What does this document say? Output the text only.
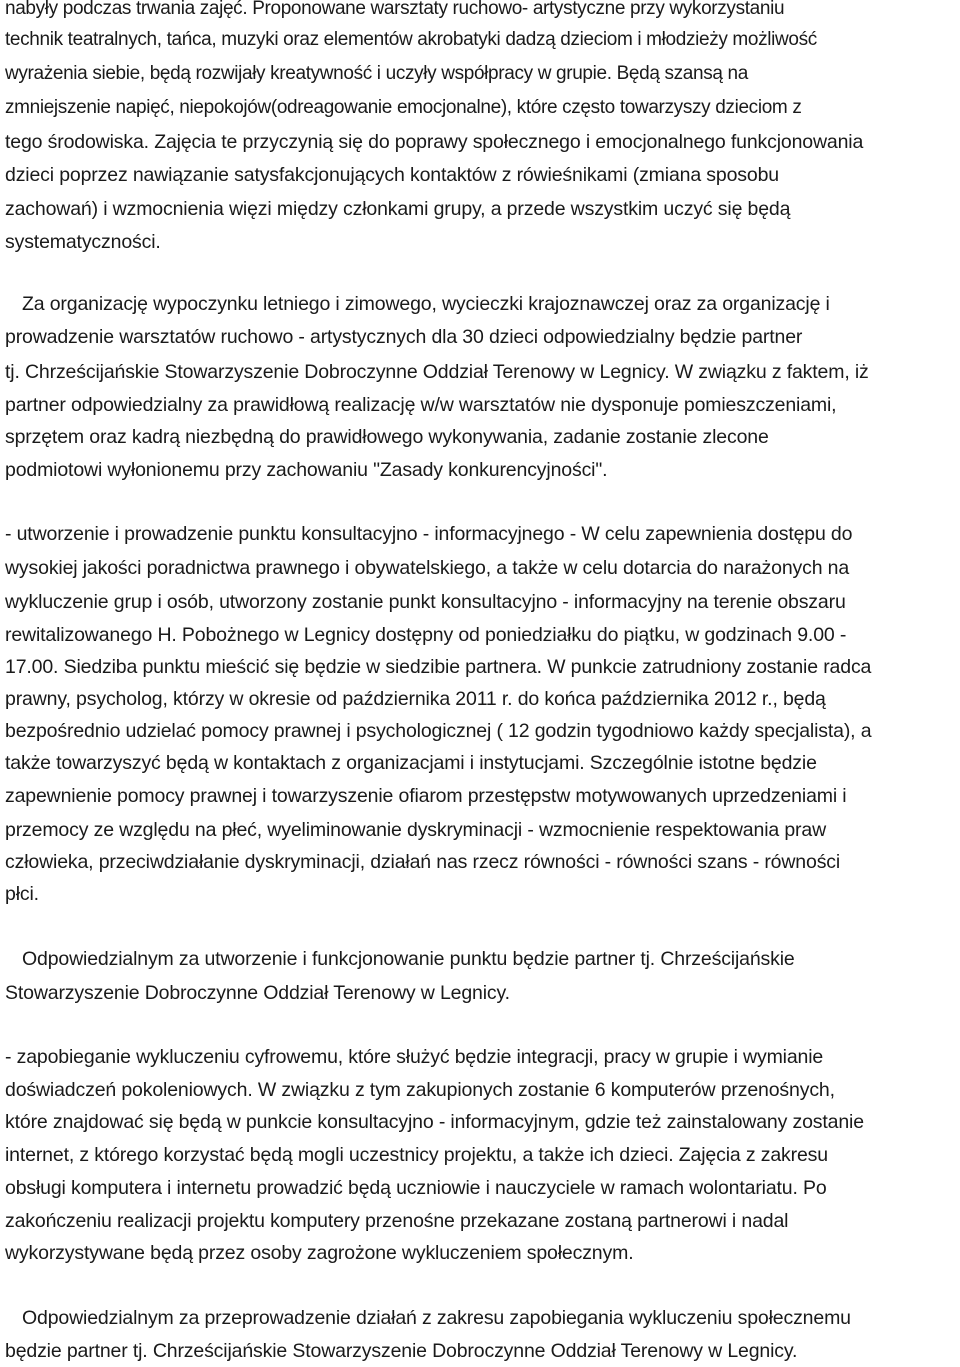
nabyły podczas trwania zajęć. Proponowane warsztaty ruchowo- artystyczne przy wykorzystaniu
technik teatralnych, tańca, muzyki oraz elementów akrobatyki dadzą dzieciom i młodzieży możliwość
wyrażenia siebie, będą rozwijały kreatywność i uczyły współpracy w grupie. Będą szansą na
zmniejszenie napięć, niepokojów(odreagowanie emocjonalne), które często towarzyszy dzieciom z
tego środowiska. Zajęcia te przyczynią się do poprawy społecznego i emocjonalnego funkcjonowania
dzieci poprzez nawiązanie satysfakcjonujących kontaktów z rówieśnikami (zmiana sposobu
zachowań) i wzmocnienia więzi między członkami grupy, a przede wszystkim uczyć się będą
systematyczności.
Za organizację wypoczynku letniego i zimowego, wycieczki krajoznawczej oraz za organizację i
prowadzenie warsztatów ruchowo - artystycznych dla 30 dzieci odpowiedzialny będzie partner
tj. Chrześcijańskie Stowarzyszenie Dobroczynne Oddział Terenowy w Legnicy. W związku z faktem, iż
partner odpowiedzialny za prawidłową realizację w/w warsztatów nie dysponuje pomieszczeniami,
sprzętem oraz kadrą niezbędną do prawidłowego wykonywania, zadanie zostanie zlecone
podmiotowi wyłonionemu przy zachowaniu "Zasady konkurencyjności".
- utworzenie i prowadzenie punktu konsultacyjno - informacyjnego - W celu zapewnienia dostępu do
wysokiej jakości poradnictwa prawnego i obywatelskiego, a także w celu dotarcia do narażonych na
wykluczenie grup i osób, utworzony zostanie punkt konsultacyjno - informacyjny na terenie obszaru
rewitalizowanego H. Pobożnego w Legnicy dostępny od poniedziałku do piątku, w godzinach 9.00 -
17.00. Siedziba punktu mieścić się będzie w siedzibie partnera. W punkcie zatrudniony zostanie radca
prawny, psycholog, którzy w okresie od października 2011 r. do końca października 2012 r., będą
bezpośrednio udzielać pomocy prawnej i psychologicznej ( 12 godzin tygodniowo każdy specjalista), a
także towarzyszyć będą w kontaktach z organizacjami i instytucjami. Szczególnie istotne będzie
zapewnienie pomocy prawnej i towarzyszenie ofiarom przestępstw motywowanych uprzedzeniami i
przemocy ze względu na płeć, wyeliminowanie dyskryminacji - wzmocnienie respektowania praw
człowieka, przeciwdziałanie dyskryminacji, działań nas rzecz równości - równości szans - równości
płci.
Odpowiedzialnym za utworzenie i funkcjonowanie punktu będzie partner tj. Chrześcijańskie
Stowarzyszenie Dobroczynne Oddział Terenowy w Legnicy.
- zapobieganie wykluczeniu cyfrowemu, które służyć będzie integracji, pracy w grupie i wymianie
doświadczeń pokoleniowych. W związku z tym zakupionych zostanie 6 komputerów przenośnych,
które znajdować się będą w punkcie konsultacyjno - informacyjnym, gdzie też zainstalowany zostanie
internet, z którego korzystać będą mogli uczestnicy projektu, a także ich dzieci. Zajęcia z zakresu
obsługi komputera i internetu prowadzić będą uczniowie i nauczyciele w ramach wolontariatu. Po
zakończeniu realizacji projektu komputery przenośne przekazane zostaną partnerowi i nadal
wykorzystywane będą przez osoby zagrożone wykluczeniem społecznym.
Odpowiedzialnym za przeprowadzenie działań z zakresu zapobiegania wykluczeniu społecznemu
będzie partner tj. Chrześcijańskie Stowarzyszenie Dobroczynne Oddział Terenowy w Legnicy.
